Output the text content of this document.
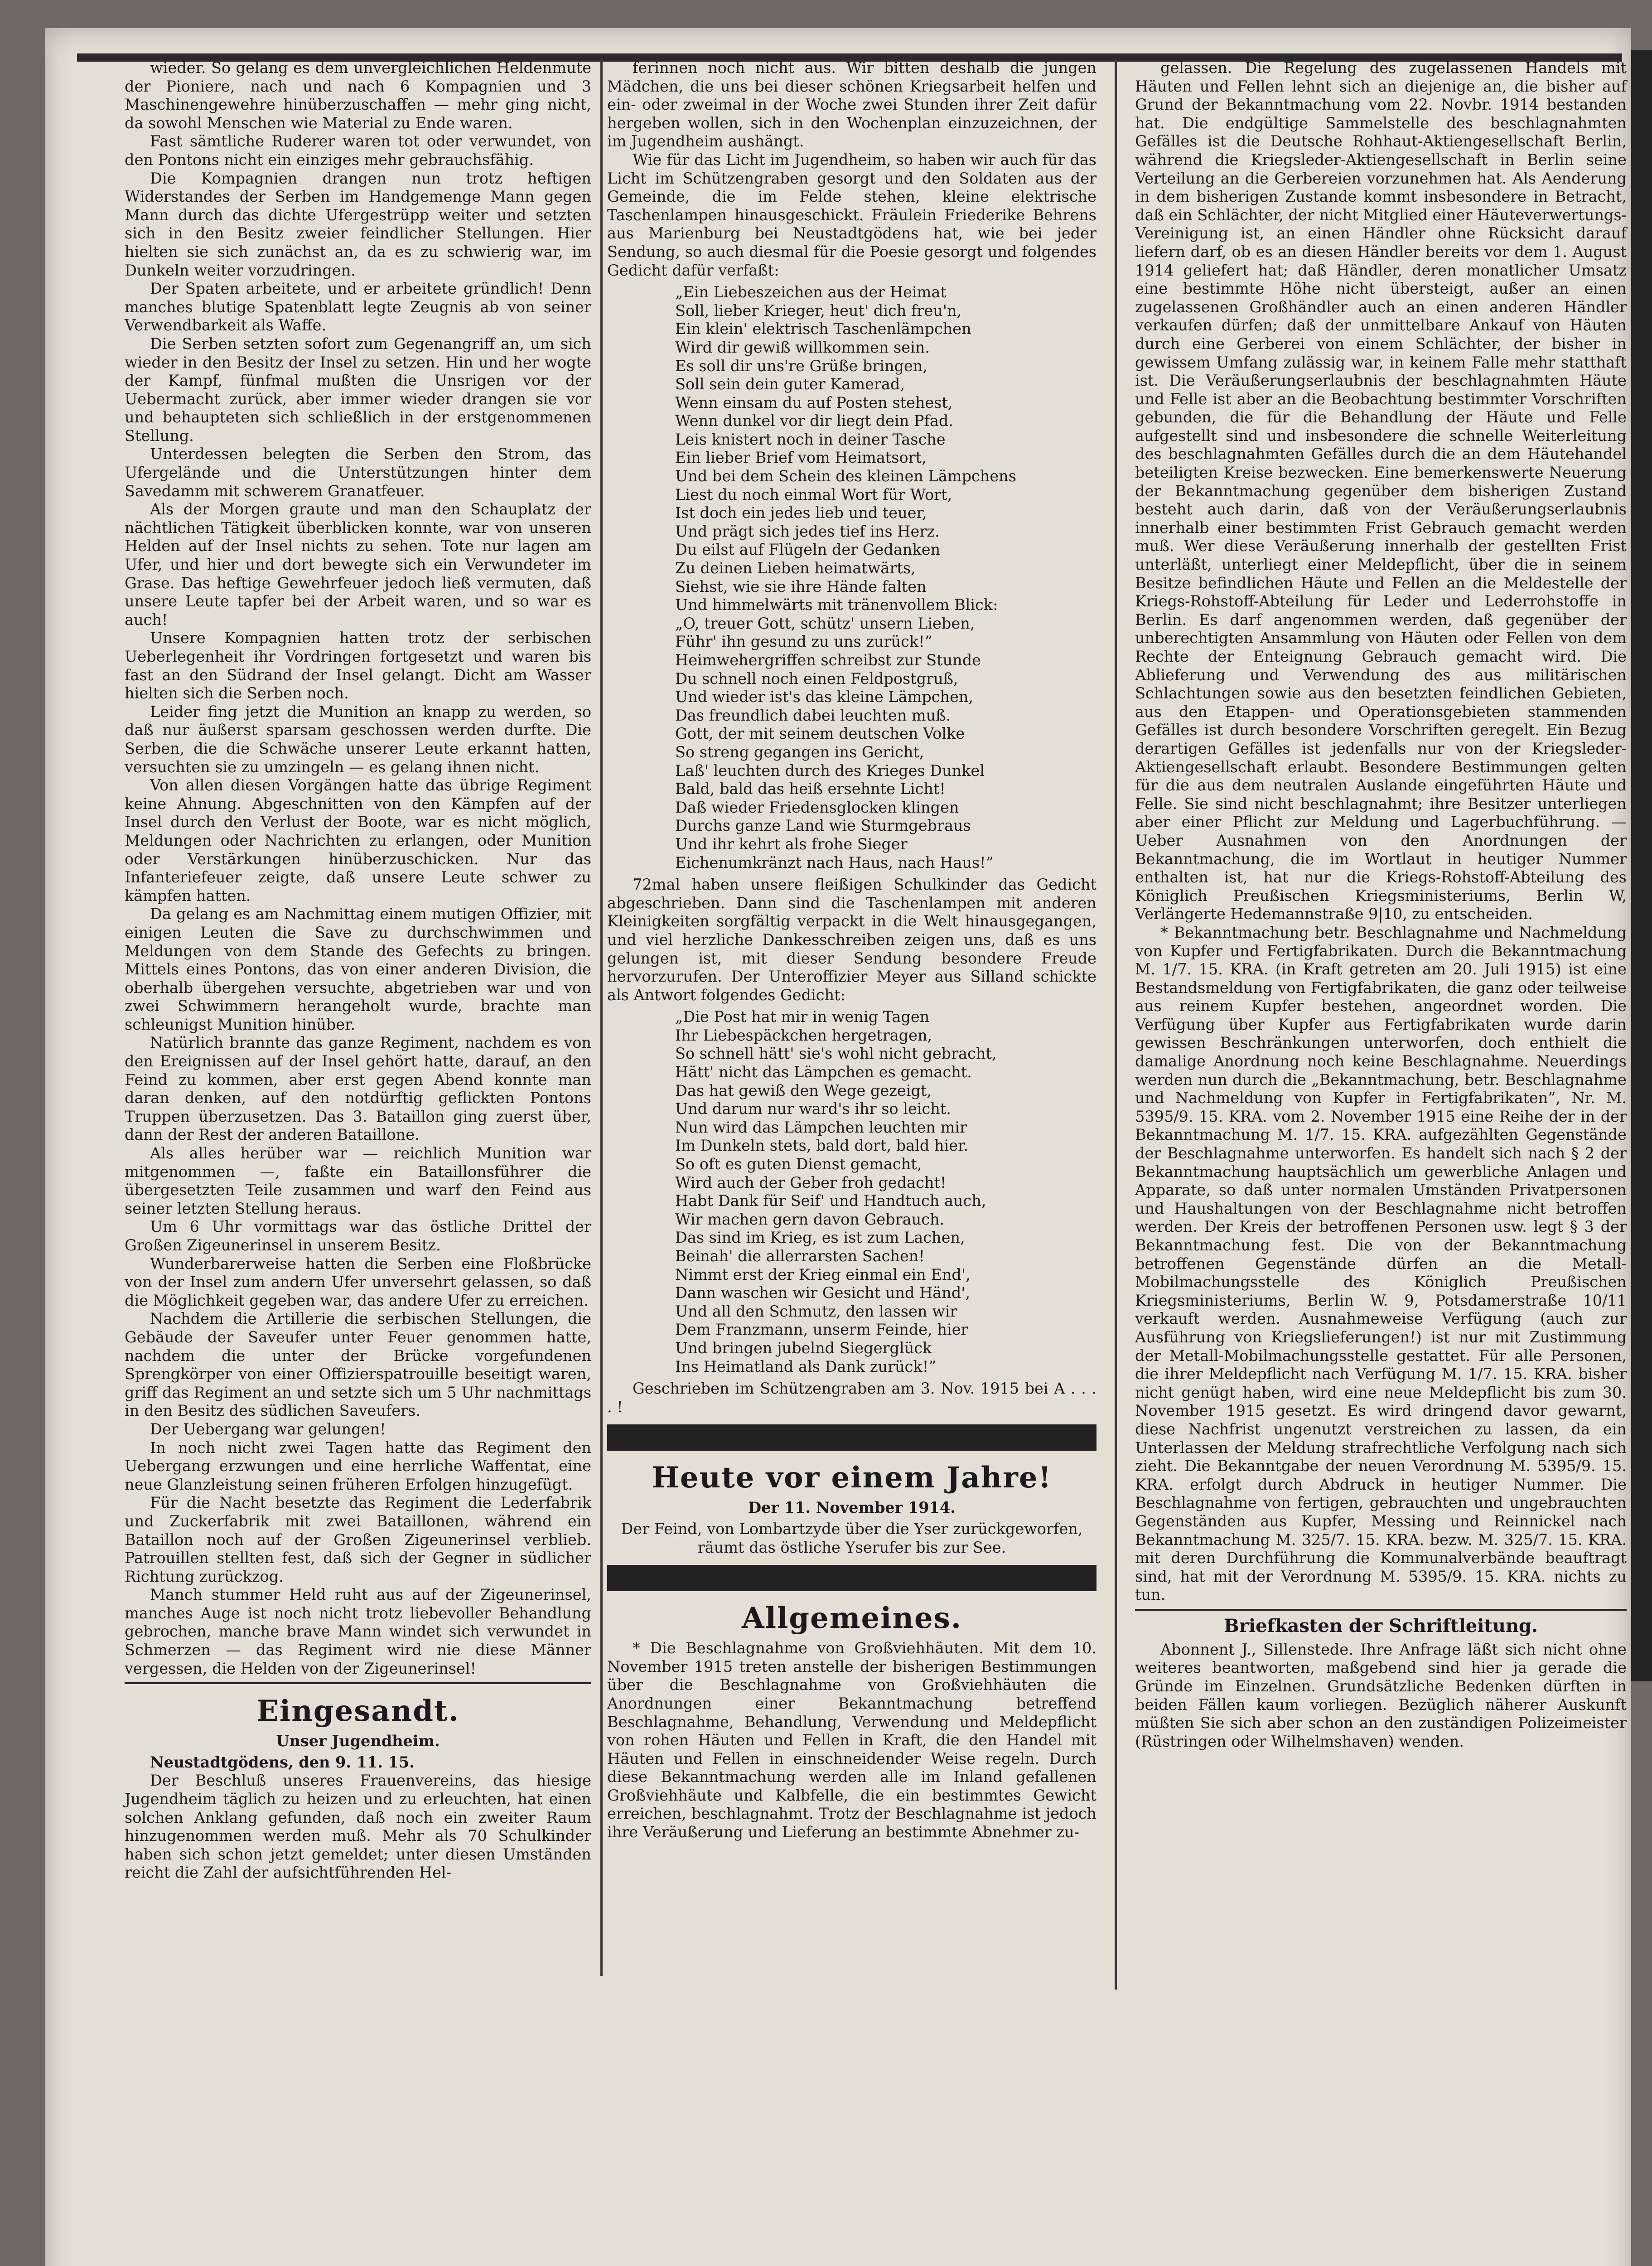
wieder. So gelang es dem unvergleichlichen Heldenmute der Pioniere, nach und nach 6 Kompagnien und 3 Maschinengewehre hinüberzuschaffen — mehr ging nicht, da sowohl Menschen wie Material zu Ende waren.

Fast sämtliche Ruderer waren tot oder verwundet, von den Pontons nicht ein einziges mehr gebrauchsfähig.

Die Kompagnien drangen nun trotz heftigen Widerstandes der Serben im Handgemenge Mann gegen Mann durch das dichte Ufergestrüpp weiter und setzten sich in den Besitz zweier feindlicher Stellungen. Hier hielten sie sich zunächst an, da es zu schwierig war, im Dunkeln weiter vorzudringen.

Der Spaten arbeitete, und er arbeitete gründlich! Denn manches blutige Spatenblatt legte Zeugnis ab von seiner Verwendbarkeit als Waffe.

Die Serben setzten sofort zum Gegenangriff an, um sich wieder in den Besitz der Insel zu setzen. Hin und her wogte der Kampf, fünfmal mußten die Unsrigen vor der Uebermacht zurück, aber immer wieder drangen sie vor und behaupteten sich schließlich in der erstgenommenen Stellung.

Unterdessen belegten die Serben den Strom, das Ufergelände und die Unterstützungen hinter dem Savedamm mit schwerem Granatfeuer.

Als der Morgen graute und man den Schauplatz der nächtlichen Tätigkeit überblicken konnte, war von unseren Helden auf der Insel nichts zu sehen. Tote nur lagen am Ufer, und hier und dort bewegte sich ein Verwundeter im Grase. Das heftige Gewehrfeuer jedoch ließ vermuten, daß unsere Leute tapfer bei der Arbeit waren, und so war es auch!

Unsere Kompagnien hatten trotz der serbischen Ueberlegenheit ihr Vordringen fortgesetzt und waren bis fast an den Südrand der Insel gelangt. Dicht am Wasser hielten sich die Serben noch.

Leider fing jetzt die Munition an knapp zu werden, so daß nur äußerst sparsam geschossen werden durfte. Die Serben, die die Schwäche unserer Leute erkannt hatten, versuchten sie zu umzingeln — es gelang ihnen nicht.

Von allen diesen Vorgängen hatte das übrige Regiment keine Ahnung. Abgeschnitten von den Kämpfen auf der Insel durch den Verlust der Boote, war es nicht möglich, Meldungen oder Nachrichten zu erlangen, oder Munition oder Verstärkungen hinüberzuschicken. Nur das Infanteriefeuer zeigte, daß unsere Leute schwer zu kämpfen hatten.

Da gelang es am Nachmittag einem mutigen Offizier, mit einigen Leuten die Save zu durchschwimmen und Meldungen von dem Stande des Gefechts zu bringen. Mittels eines Pontons, das von einer anderen Division, die oberhalb übergehen versuchte, abgetrieben war und von zwei Schwimmern herangeholt wurde, brachte man schleunigst Munition hinüber.

Natürlich brannte das ganze Regiment, nachdem es von den Ereignissen auf der Insel gehört hatte, darauf, an den Feind zu kommen, aber erst gegen Abend konnte man daran denken, auf den notdürftig geflickten Pontons Truppen überzusetzen. Das 3. Bataillon ging zuerst über, dann der Rest der anderen Bataillone.

Als alles herüber war — reichlich Munition war mitgenommen —, faßte ein Bataillonsführer die übergesetzten Teile zusammen und warf den Feind aus seiner letzten Stellung heraus.

Um 6 Uhr vormittags war das östliche Drittel der Großen Zigeunerinsel in unserem Besitz.

Wunderbarerweise hatten die Serben eine Floßbrücke von der Insel zum andern Ufer unversehrt gelassen, so daß die Möglichkeit gegeben war, das andere Ufer zu erreichen.

Nachdem die Artillerie die serbischen Stellungen, die Gebäude der Saveufer unter Feuer genommen hatte, nachdem die unter der Brücke vorgefundenen Sprengkörper von einer Offizierspatrouille beseitigt waren, griff das Regiment an und setzte sich um 5 Uhr nachmittags in den Besitz des südlichen Saveufers.

Der Uebergang war gelungen!

In noch nicht zwei Tagen hatte das Regiment den Uebergang erzwungen und eine herrliche Waffentat, eine neue Glanzleistung seinen früheren Erfolgen hinzugefügt.

Für die Nacht besetzte das Regiment die Lederfabrik und Zuckerfabrik mit zwei Bataillonen, während ein Bataillon noch auf der Großen Zigeunerinsel verblieb. Patrouillen stellten fest, daß sich der Gegner in südlicher Richtung zurückzog.

Manch stummer Held ruht aus auf der Zigeunerinsel, manches Auge ist noch nicht trotz liebevoller Behandlung gebrochen, manche brave Mann windet sich verwundet in Schmerzen — das Regiment wird nie diese Männer vergessen, die Helden von der Zigeunerinsel!

Eingesandt.
Unser Jugendheim.

Neustadtgödens, den 9. 11. 15.

Der Beschluß unseres Frauenvereins, das hiesige Jugendheim täglich zu heizen und zu erleuchten, hat einen solchen Anklang gefunden, daß noch ein zweiter Raum hinzugenommen werden muß. Mehr als 70 Schulkinder haben sich schon jetzt gemeldet; unter diesen Umständen reicht die Zahl der aufsichtführenden Hel-

ferinnen noch nicht aus. Wir bitten deshalb die jungen Mädchen, die uns bei dieser schönen Kriegsarbeit helfen und ein- oder zweimal in der Woche zwei Stunden ihrer Zeit dafür hergeben wollen, sich in den Wochenplan einzuzeichnen, der im Jugendheim aushängt.

Wie für das Licht im Jugendheim, so haben wir auch für das Licht im Schützengraben gesorgt und den Soldaten aus der Gemeinde, die im Felde stehen, kleine elektrische Taschenlampen hinausgeschickt. Fräulein Friederike Behrens aus Marienburg bei Neustadtgödens hat, wie bei jeder Sendung, so auch diesmal für die Poesie gesorgt und folgendes Gedicht dafür verfaßt:

„Ein Liebeszeichen aus der Heimat

Soll, lieber Krieger, heut' dich freu'n,

Ein klein' elektrisch Taschenlämpchen

Wird dir gewiß willkommen sein.

Es soll dir uns're Grüße bringen,

Soll sein dein guter Kamerad,

Wenn einsam du auf Posten stehest,

Wenn dunkel vor dir liegt dein Pfad.

Leis knistert noch in deiner Tasche

Ein lieber Brief vom Heimatsort,

Und bei dem Schein des kleinen Lämpchens

Liest du noch einmal Wort für Wort,

Ist doch ein jedes lieb und teuer,

Und prägt sich jedes tief ins Herz.

Du eilst auf Flügeln der Gedanken

Zu deinen Lieben heimatwärts,

Siehst, wie sie ihre Hände falten

Und himmelwärts mit tränenvollem Blick:

„O, treuer Gott, schütz' unsern Lieben,

Führ' ihn gesund zu uns zurück!”

Heimwehergriffen schreibst zur Stunde

Du schnell noch einen Feldpostgruß,

Und wieder ist's das kleine Lämpchen,

Das freundlich dabei leuchten muß.

Gott, der mit seinem deutschen Volke

So streng gegangen ins Gericht,

Laß' leuchten durch des Krieges Dunkel

Bald, bald das heiß ersehnte Licht!

Daß wieder Friedensglocken klingen

Durchs ganze Land wie Sturmgebraus

Und ihr kehrt als frohe Sieger

Eichenumkränzt nach Haus, nach Haus!”

72mal haben unsere fleißigen Schulkinder das Gedicht abgeschrieben. Dann sind die Taschenlampen mit anderen Kleinigkeiten sorgfältig verpackt in die Welt hinausgegangen, und viel herzliche Dankesschreiben zeigen uns, daß es uns gelungen ist, mit dieser Sendung besondere Freude hervorzurufen. Der Unteroffizier Meyer aus Silland schickte als Antwort folgendes Gedicht:

„Die Post hat mir in wenig Tagen

Ihr Liebespäckchen hergetragen,

So schnell hätt' sie's wohl nicht gebracht,

Hätt' nicht das Lämpchen es gemacht.

Das hat gewiß den Wege gezeigt,

Und darum nur ward's ihr so leicht.

Nun wird das Lämpchen leuchten mir

Im Dunkeln stets, bald dort, bald hier.

So oft es guten Dienst gemacht,

Wird auch der Geber froh gedacht!

Habt Dank für Seif' und Handtuch auch,

Wir machen gern davon Gebrauch.

Das sind im Krieg, es ist zum Lachen,

Beinah' die allerrarsten Sachen!

Nimmt erst der Krieg einmal ein End',

Dann waschen wir Gesicht und Händ',

Und all den Schmutz, den lassen wir

Dem Franzmann, unserm Feinde, hier

Und bringen jubelnd Siegerglück

Ins Heimatland als Dank zurück!”

Geschrieben im Schützengraben am 3. Nov. 1915 bei A . . . . !

Heute vor einem Jahre!
Der 11. November 1914.

Der Feind, von Lombartzyde über die Yser zurückgeworfen, räumt das östliche Yserufer bis zur See.

Allgemeines.

* Die Beschlagnahme von Großviehhäuten. Mit dem 10. November 1915 treten anstelle der bisherigen Bestimmungen über die Beschlagnahme von Großviehhäuten die Anordnungen einer Bekanntmachung betreffend Beschlagnahme, Behandlung, Verwendung und Meldepflicht von rohen Häuten und Fellen in Kraft, die den Handel mit Häuten und Fellen in einschneidender Weise regeln. Durch diese Bekanntmachung werden alle im Inland gefallenen Großviehhäute und Kalbfelle, die ein bestimmtes Gewicht erreichen, beschlagnahmt. Trotz der Beschlagnahme ist jedoch ihre Veräußerung und Lieferung an bestimmte Abnehmer zu-

gelassen. Die Regelung des zugelassenen Handels mit Häuten und Fellen lehnt sich an diejenige an, die bisher auf Grund der Bekanntmachung vom 22. Novbr. 1914 bestanden hat. Die endgültige Sammelstelle des beschlagnahmten Gefälles ist die Deutsche Rohhaut-Aktiengesellschaft Berlin, während die Kriegsleder-Aktiengesellschaft in Berlin seine Verteilung an die Gerbereien vorzunehmen hat. Als Aenderung in dem bisherigen Zustande kommt insbesondere in Betracht, daß ein Schlächter, der nicht Mitglied einer Häuteverwertungs-Vereinigung ist, an einen Händler ohne Rücksicht darauf liefern darf, ob es an diesen Händler bereits vor dem 1. August 1914 geliefert hat; daß Händler, deren monatlicher Umsatz eine bestimmte Höhe nicht übersteigt, außer an einen zugelassenen Großhändler auch an einen anderen Händler verkaufen dürfen; daß der unmittelbare Ankauf von Häuten durch eine Gerberei von einem Schlächter, der bisher in gewissem Umfang zulässig war, in keinem Falle mehr statthaft ist. Die Veräußerungserlaubnis der beschlagnahmten Häute und Felle ist aber an die Beobachtung bestimmter Vorschriften gebunden, die für die Behandlung der Häute und Felle aufgestellt sind und insbesondere die schnelle Weiterleitung des beschlagnahmten Gefälles durch die an dem Häutehandel beteiligten Kreise bezwecken. Eine bemerkenswerte Neuerung der Bekanntmachung gegenüber dem bisherigen Zustand besteht auch darin, daß von der Veräußerungserlaubnis innerhalb einer bestimmten Frist Gebrauch gemacht werden muß. Wer diese Veräußerung innerhalb der gestellten Frist unterläßt, unterliegt einer Meldepflicht, über die in seinem Besitze befindlichen Häute und Fellen an die Meldestelle der Kriegs-Rohstoff-Abteilung für Leder und Lederrohstoffe in Berlin. Es darf angenommen werden, daß gegenüber der unberechtigten Ansammlung von Häuten oder Fellen von dem Rechte der Enteignung Gebrauch gemacht wird. Die Ablieferung und Verwendung des aus militärischen Schlachtungen sowie aus den besetzten feindlichen Gebieten, aus den Etappen- und Operationsgebieten stammenden Gefälles ist durch besondere Vorschriften geregelt. Ein Bezug derartigen Gefälles ist jedenfalls nur von der Kriegsleder-Aktiengesellschaft erlaubt. Besondere Bestimmungen gelten für die aus dem neutralen Auslande eingeführten Häute und Felle. Sie sind nicht beschlagnahmt; ihre Besitzer unterliegen aber einer Pflicht zur Meldung und Lagerbuchführung. — Ueber Ausnahmen von den Anordnungen der Bekanntmachung, die im Wortlaut in heutiger Nummer enthalten ist, hat nur die Kriegs-Rohstoff-Abteilung des Königlich Preußischen Kriegsministeriums, Berlin W, Verlängerte Hedemannstraße 9|10, zu entscheiden.

* Bekanntmachung betr. Beschlagnahme und Nachmeldung von Kupfer und Fertigfabrikaten. Durch die Bekanntmachung M. 1/7. 15. KRA. (in Kraft getreten am 20. Juli 1915) ist eine Bestandsmeldung von Fertigfabrikaten, die ganz oder teilweise aus reinem Kupfer bestehen, angeordnet worden. Die Verfügung über Kupfer aus Fertigfabrikaten wurde darin gewissen Beschränkungen unterworfen, doch enthielt die damalige Anordnung noch keine Beschlagnahme. Neuerdings werden nun durch die „Bekanntmachung, betr. Beschlagnahme und Nachmeldung von Kupfer in Fertigfabrikaten”, Nr. M. 5395/9. 15. KRA. vom 2. November 1915 eine Reihe der in der Bekanntmachung M. 1/7. 15. KRA. aufgezählten Gegenstände der Beschlagnahme unterworfen. Es handelt sich nach § 2 der Bekanntmachung hauptsächlich um gewerbliche Anlagen und Apparate, so daß unter normalen Umständen Privatpersonen und Haushaltungen von der Beschlagnahme nicht betroffen werden. Der Kreis der betroffenen Personen usw. legt § 3 der Bekanntmachung fest. Die von der Bekanntmachung betroffenen Gegenstände dürfen an die Metall-Mobilmachungsstelle des Königlich Preußischen Kriegsministeriums, Berlin W. 9, Potsdamerstraße 10/11 verkauft werden. Ausnahmeweise Verfügung (auch zur Ausführung von Kriegslieferungen!) ist nur mit Zustimmung der Metall-Mobilmachungsstelle gestattet. Für alle Personen, die ihrer Meldepflicht nach Verfügung M. 1/7. 15. KRA. bisher nicht genügt haben, wird eine neue Meldepflicht bis zum 30. November 1915 gesetzt. Es wird dringend davor gewarnt, diese Nachfrist ungenutzt verstreichen zu lassen, da ein Unterlassen der Meldung strafrechtliche Verfolgung nach sich zieht. Die Bekanntgabe der neuen Verordnung M. 5395/9. 15. KRA. erfolgt durch Abdruck in heutiger Nummer. Die Beschlagnahme von fertigen, gebrauchten und ungebrauchten Gegenständen aus Kupfer, Messing und Reinnickel nach Bekanntmachung M. 325/7. 15. KRA. bezw. M. 325/7. 15. KRA. mit deren Durchführung die Kommunalverbände beauftragt sind, hat mit der Verordnung M. 5395/9. 15. KRA. nichts zu tun.

Briefkasten der Schriftleitung.

Abonnent J., Sillenstede. Ihre Anfrage läßt sich nicht ohne weiteres beantworten, maßgebend sind hier ja gerade die Gründe im Einzelnen. Grundsätzliche Bedenken dürften in beiden Fällen kaum vorliegen. Bezüglich näherer Auskunft müßten Sie sich aber schon an den zuständigen Polizeimeister (Rüstringen oder Wilhelmshaven) wenden.
